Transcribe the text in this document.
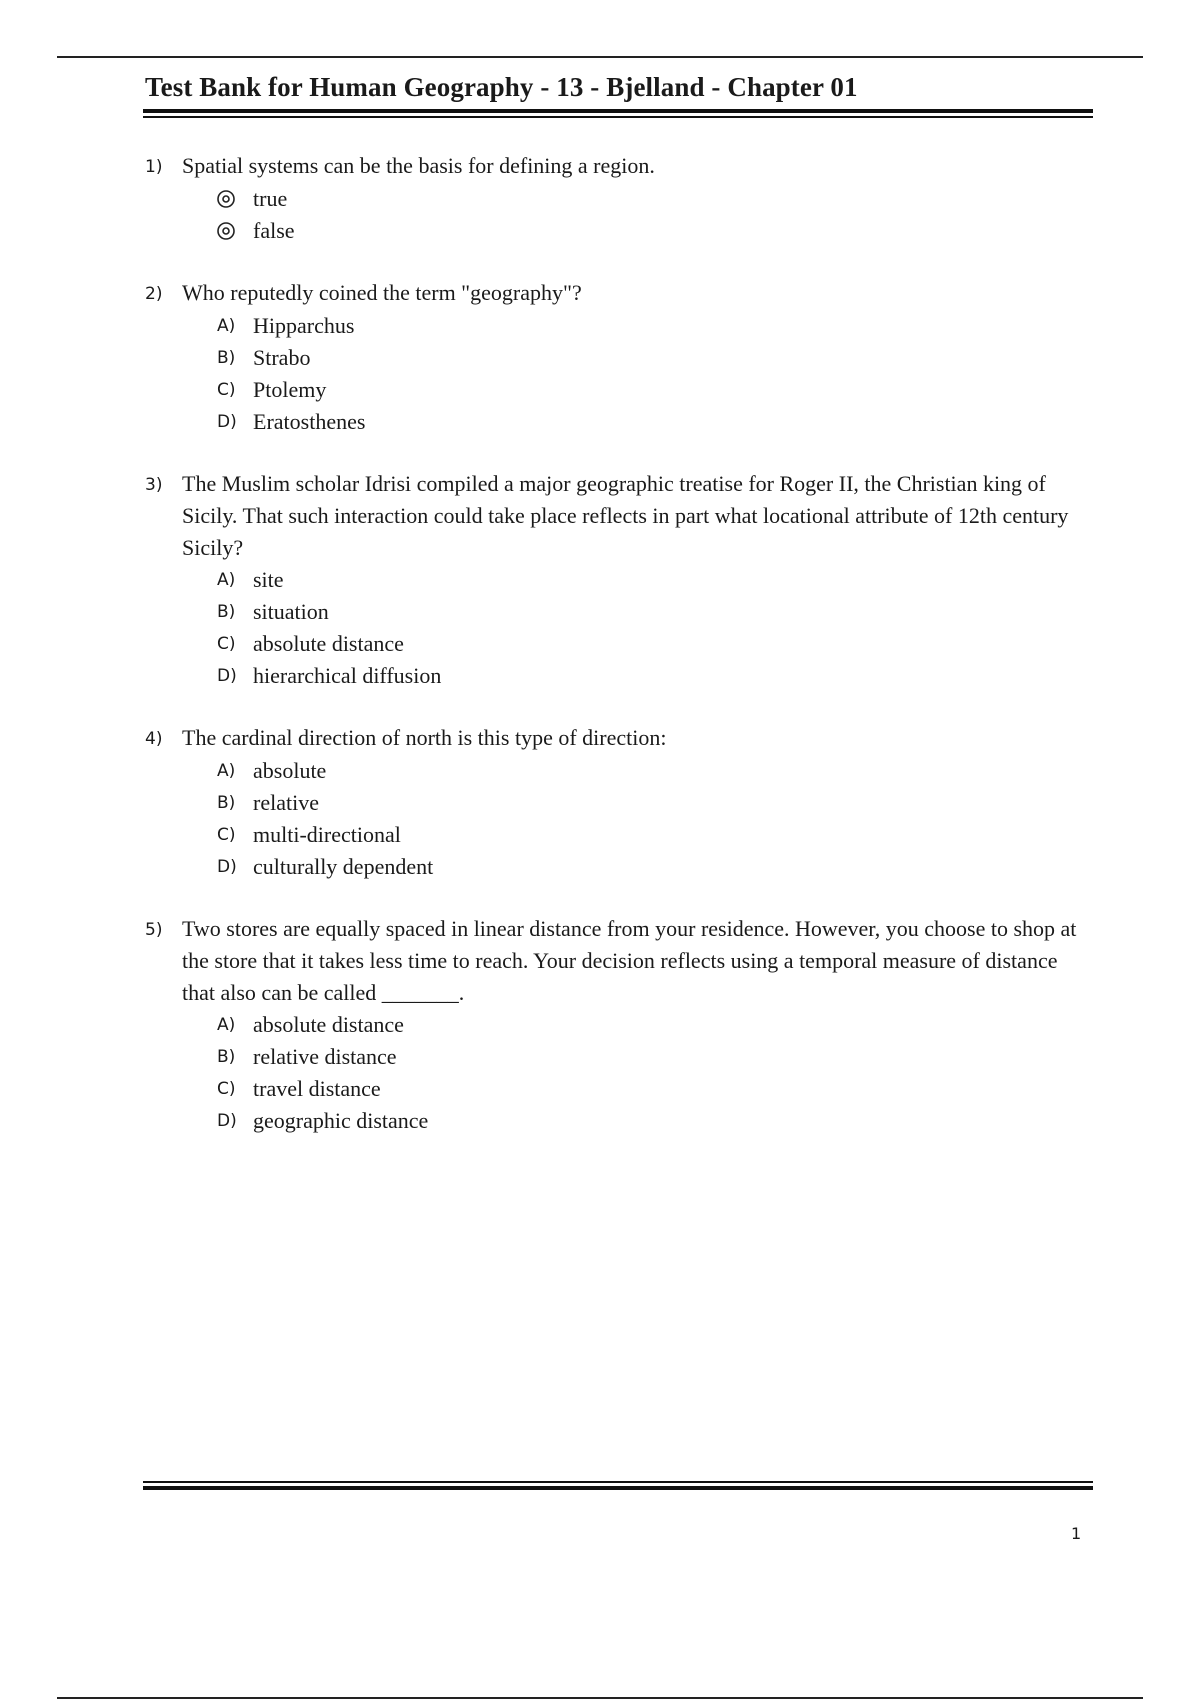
Test Bank for Human Geography - 13 - Bjelland - Chapter 01
1) Spatial systems can be the basis for defining a region.
true
false
2) Who reputedly coined the term "geography"?
A) Hipparchus
B) Strabo
C) Ptolemy
D) Eratosthenes
3) The Muslim scholar Idrisi compiled a major geographic treatise for Roger II, the Christian king of Sicily. That such interaction could take place reflects in part what locational attribute of 12th century Sicily?
A) site
B) situation
C) absolute distance
D) hierarchical diffusion
4) The cardinal direction of north is this type of direction:
A) absolute
B) relative
C) multi-directional
D) culturally dependent
5) Two stores are equally spaced in linear distance from your residence. However, you choose to shop at the store that it takes less time to reach. Your decision reflects using a temporal measure of distance that also can be called _______.
A) absolute distance
B) relative distance
C) travel distance
D) geographic distance
1
